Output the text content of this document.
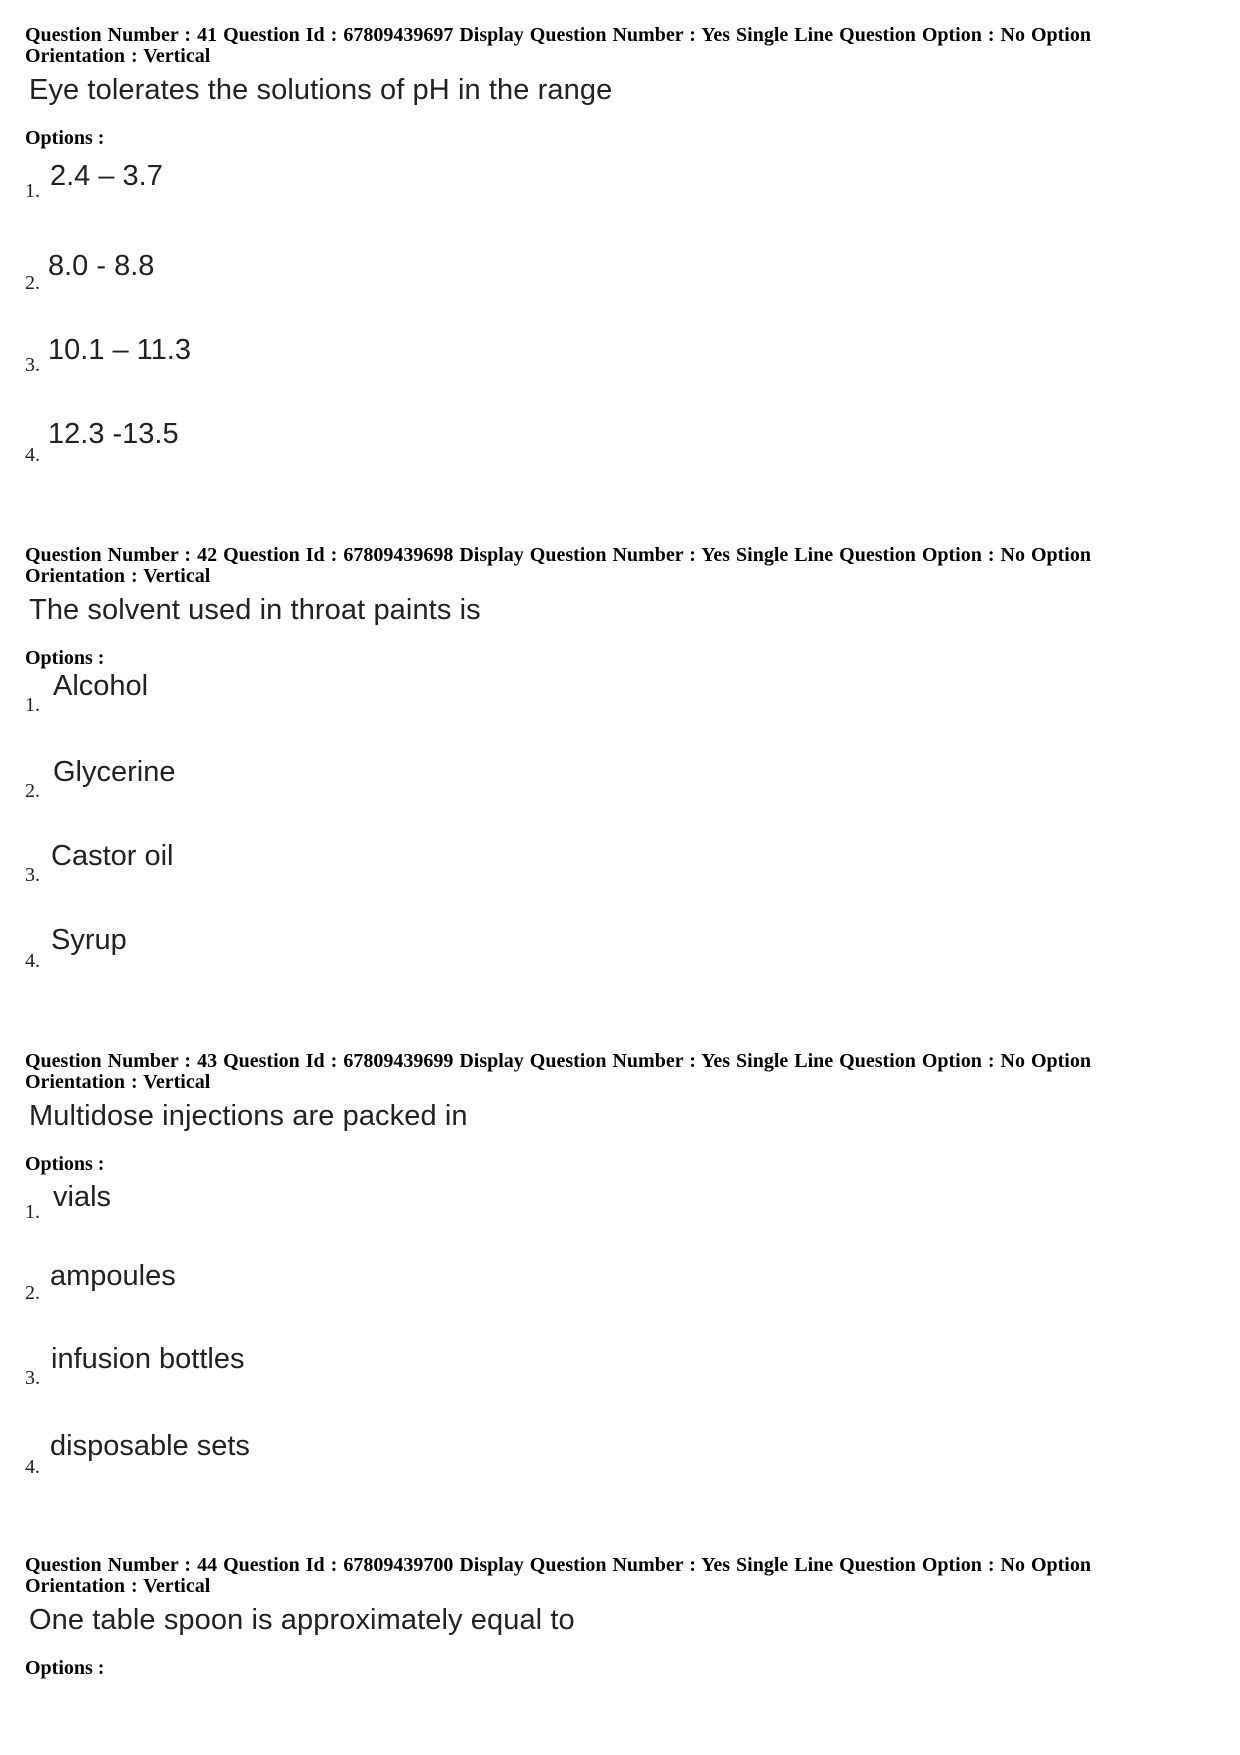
Question Number : 41 Question Id : 67809439697 Display Question Number : Yes Single Line Question Option : No Option
Orientation : Vertical
Eye tolerates the solutions of pH in the range
Options :
1. 2.4 – 3.7
2.
8.0 - 8.8
3. 10.1 – 11.3
4.
12.3 -13.5
Question Number : 42 Question Id : 67809439698 Display Question Number : Yes Single Line Question Option : No Option
Orientation : Vertical
The solvent used in throat paints is
Options :
1.
Alcohol
2.
Glycerine
3.
Castor oil
4.
Syrup
Question Number : 43 Question Id : 67809439699 Display Question Number : Yes Single Line Question Option : No Option
Orientation : Vertical
Multidose injections are packed in
Options :
1. vials
2.
ampoules
3.
infusion bottles
4.
disposable sets
Question Number : 44 Question Id : 67809439700 Display Question Number : Yes Single Line Question Option : No Option
Orientation : Vertical
One table spoon is approximately equal to
Options :
